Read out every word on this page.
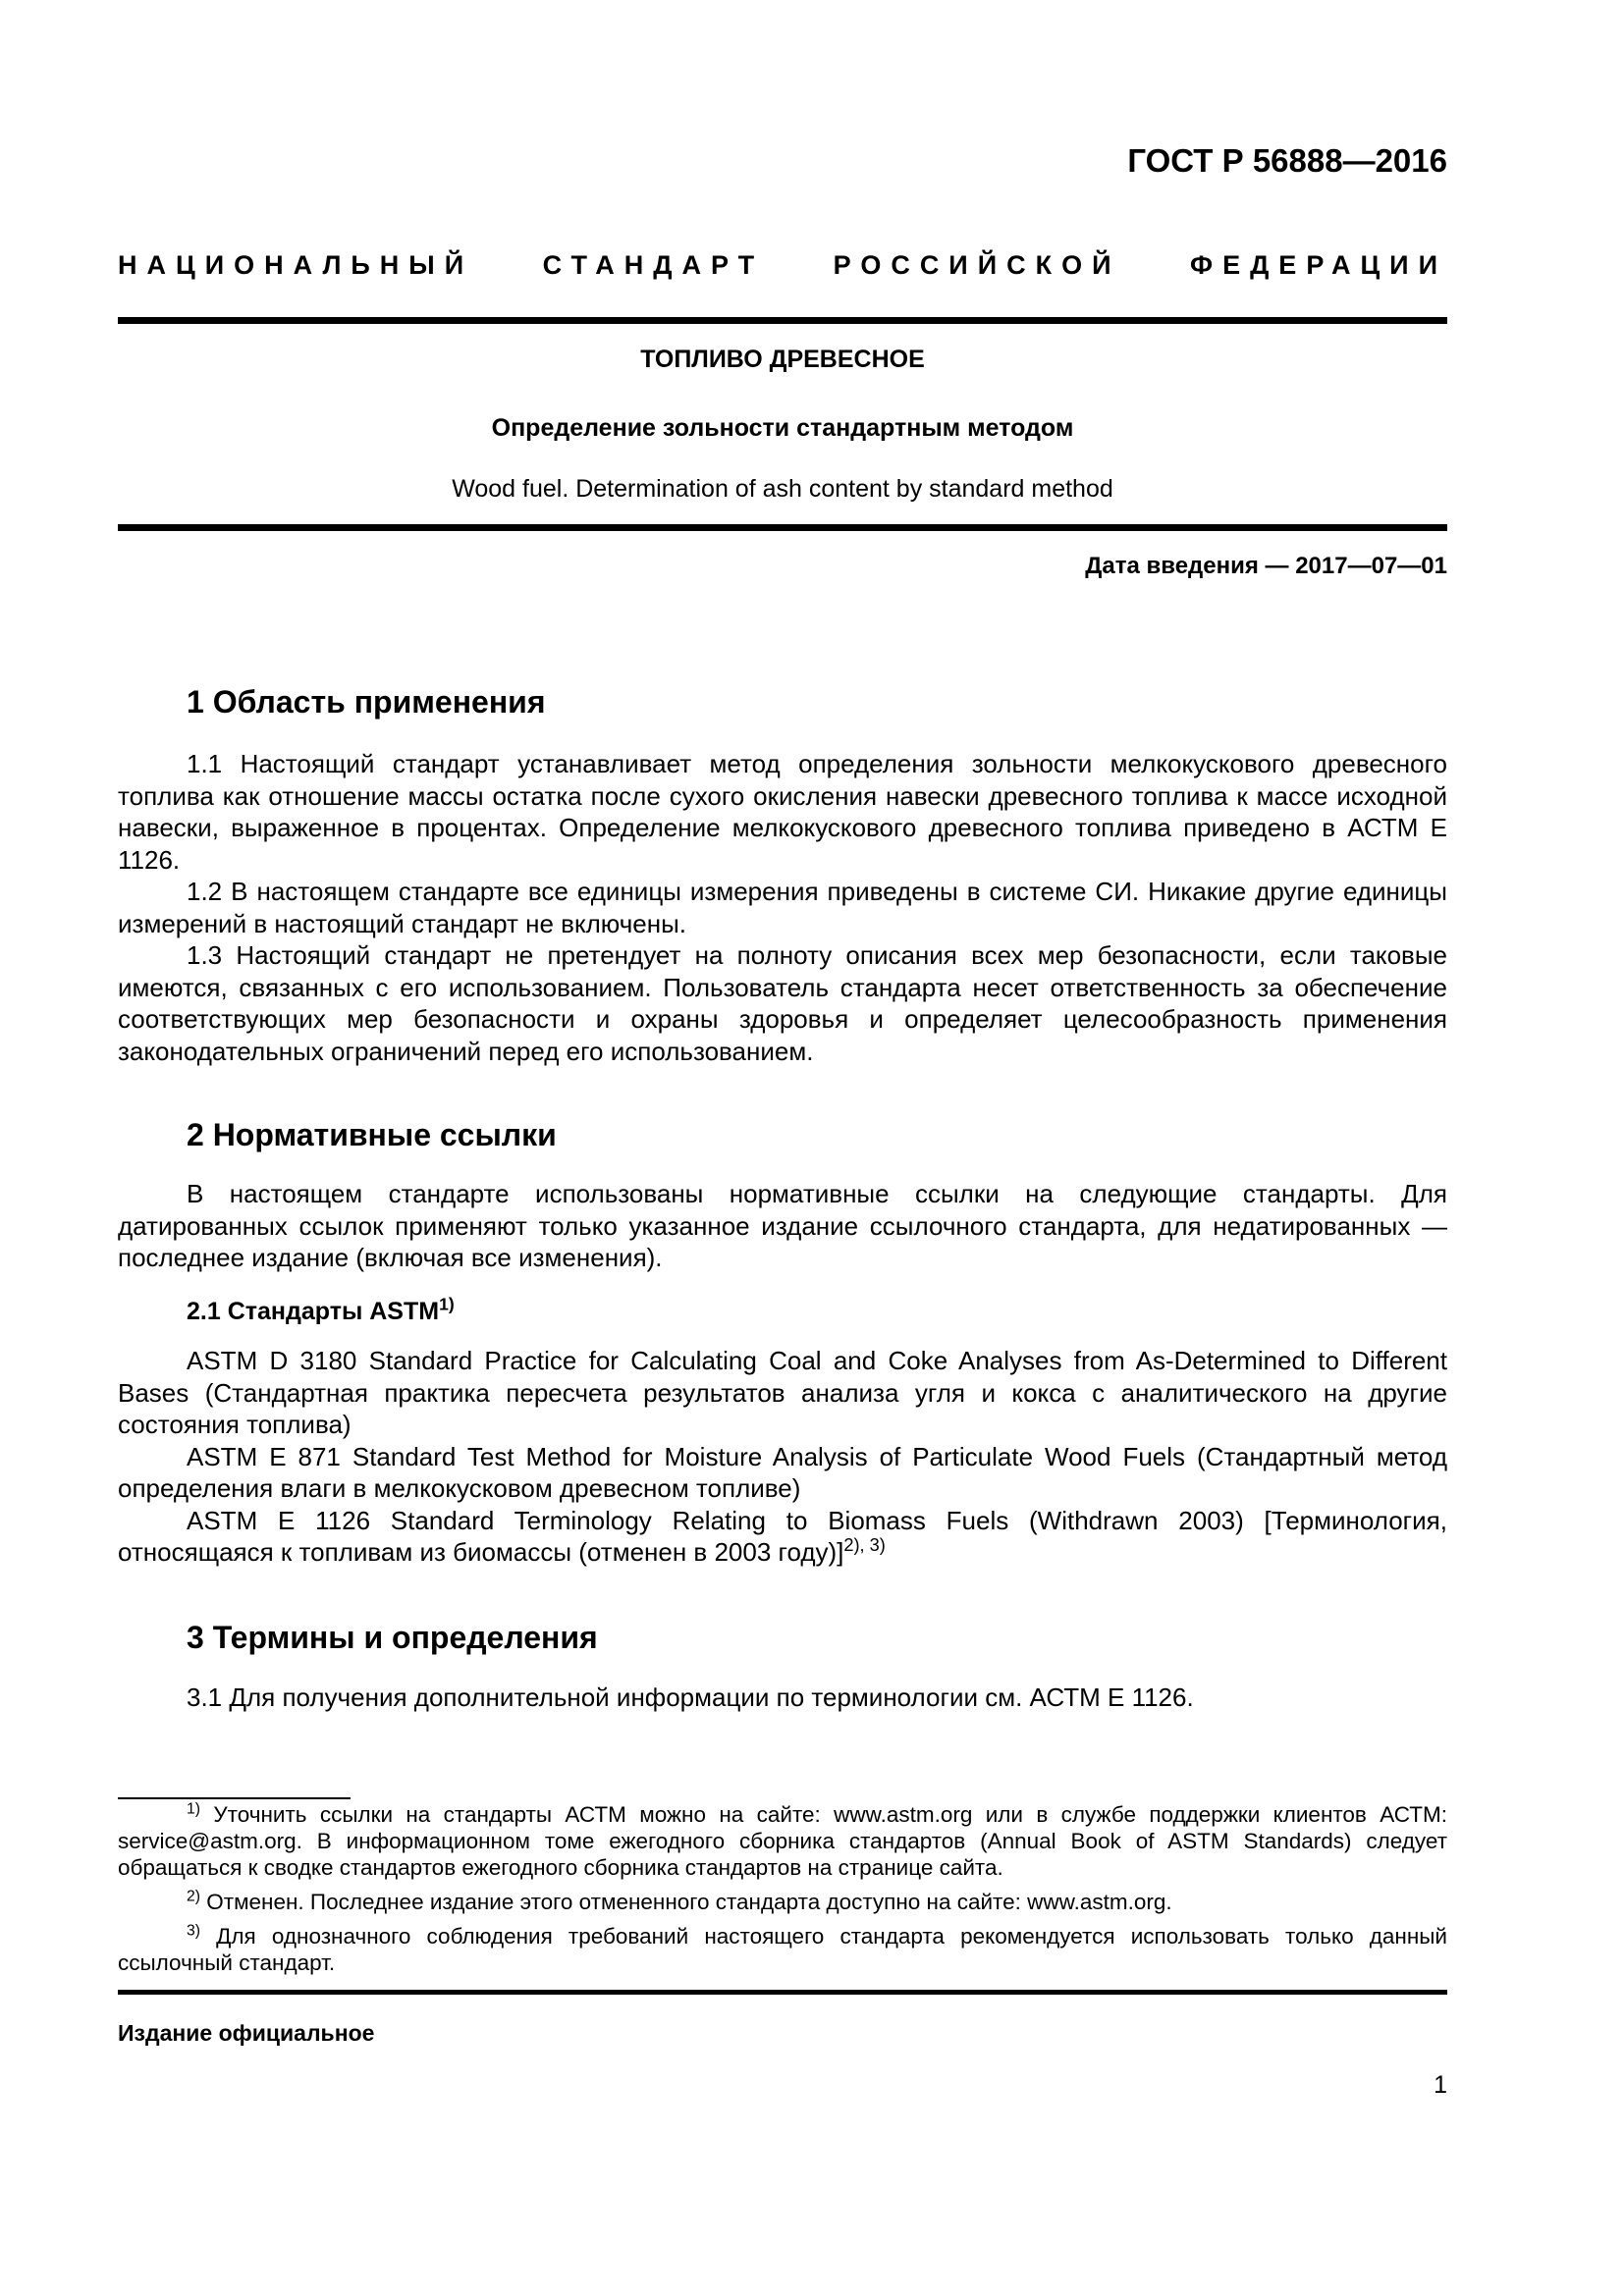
ГОСТ Р 56888—2016
НАЦИОНАЛЬНЫЙ СТАНДАРТ РОССИЙСКОЙ ФЕДЕРАЦИИ
ТОПЛИВО ДРЕВЕСНОЕ
Определение зольности стандартным методом
Wood fuel. Determination of ash content by standard method
Дата введения — 2017—07—01
1 Область применения

1.1 Настоящий стандарт устанавливает метод определения зольности мелкокускового древесного топлива как отношение массы остатка после сухого окисления навески древесного топлива к массе исходной навески, выраженное в процентах. Определение мелкокускового древесного топлива приведено в АСТМ Е 1126.

1.2 В настоящем стандарте все единицы измерения приведены в системе СИ. Никакие другие единицы измерений в настоящий стандарт не включены.

1.3 Настоящий стандарт не претендует на полноту описания всех мер безопасности, если таковые имеются, связанных с его использованием. Пользователь стандарта несет ответственность за обеспечение соответствующих мер безопасности и охраны здоровья и определяет целесообразность применения законодательных ограничений перед его использованием.

2 Нормативные ссылки

В настоящем стандарте использованы нормативные ссылки на следующие стандарты. Для датированных ссылок применяют только указанное издание ссылочного стандарта, для недатированных — последнее издание (включая все изменения).

2.1 Стандарты ASTM$^{1)}$

ASTM D 3180 Standard Practice for Calculating Coal and Coke Analyses from As-Determined to Different Bases (Стандартная практика пересчета результатов анализа угля и кокса с аналитического на другие состояния топлива)

ASTM E 871 Standard Test Method for Moisture Analysis of Particulate Wood Fuels (Стандартный метод определения влаги в мелкокусковом древесном топливе)

ASTM E 1126 Standard Terminology Relating to Biomass Fuels (Withdrawn 2003) [Терминология, относящаяся к топливам из биомассы (отменен в 2003 году)]$^{2), 3)}$

3 Термины и определения

3.1 Для получения дополнительной информации по терминологии см. АСТМ Е 1126.

$^{1)}$ Уточнить ссылки на стандарты АСТМ можно на сайте: www.astm.org или в службе поддержки клиентов АСТМ: service@astm.org. В информационном томе ежегодного сборника стандартов (Annual Book of ASTM Standards) следует обращаться к сводке стандартов ежегодного сборника стандартов на странице сайта.

$^{2)}$ Отменен. Последнее издание этого отмененного стандарта доступно на сайте: www.astm.org.

$^{3)}$ Для однозначного соблюдения требований настоящего стандарта рекомендуется использовать только данный ссылочный стандарт.

Издание официальное
1
